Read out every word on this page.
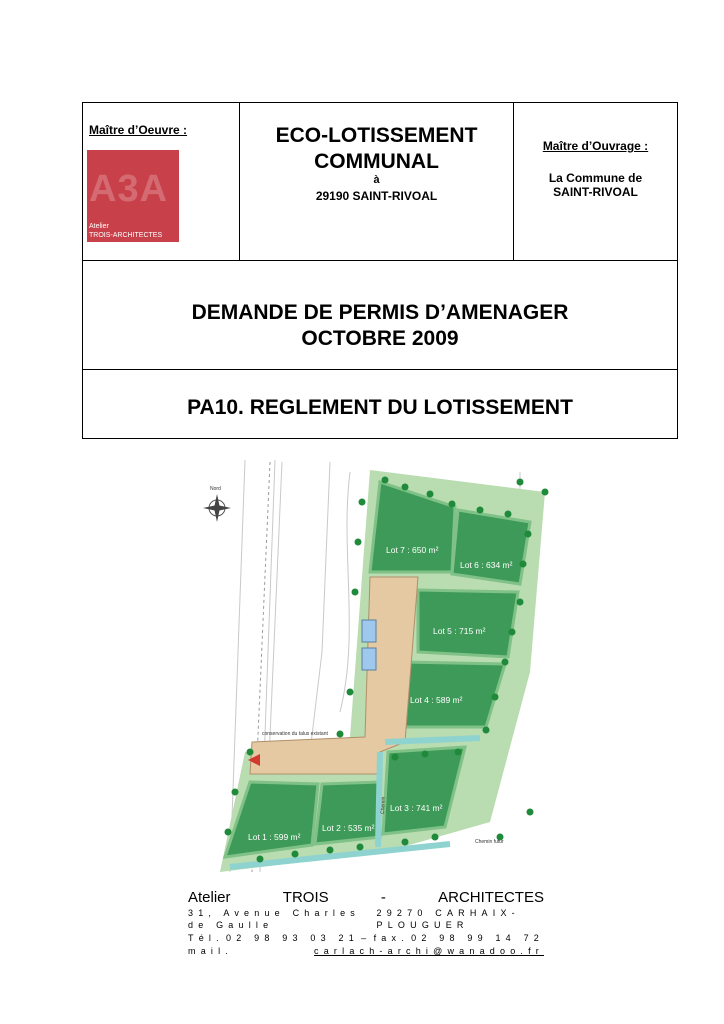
Maître d’Oeuvre :
A3A
Atelier
TROIS-ARCHITECTES
ECO-LOTISSEMENT
COMMUNAL
à
29190 SAINT-RIVOAL
Maître d’Ouvrage :
La Commune de
SAINT-RIVOAL
DEMANDE DE PERMIS D’AMENAGER
OCTOBRE 2009
PA10. REGLEMENT DU LOTISSEMENT
Nord
Lot 7 : 650 m²
Lot 6 : 634 m²
Lot 5 : 715 m²
Lot 4 : 589 m²
Lot 3 : 741 m²
Lot 2 : 535 m²
Lot 1 : 599 m²
conservation du talus existant
Chemin futur
Chemin
Atelier	TROIS	-	ARCHITECTES
31, Avenue Charles de Gaulle
29270 CARHAIX-PLOUGUER
Tél. 02 98 93 03 21 – fax. 02 98 99 14 72
mail.	carlach-archi@wanadoo.fr
